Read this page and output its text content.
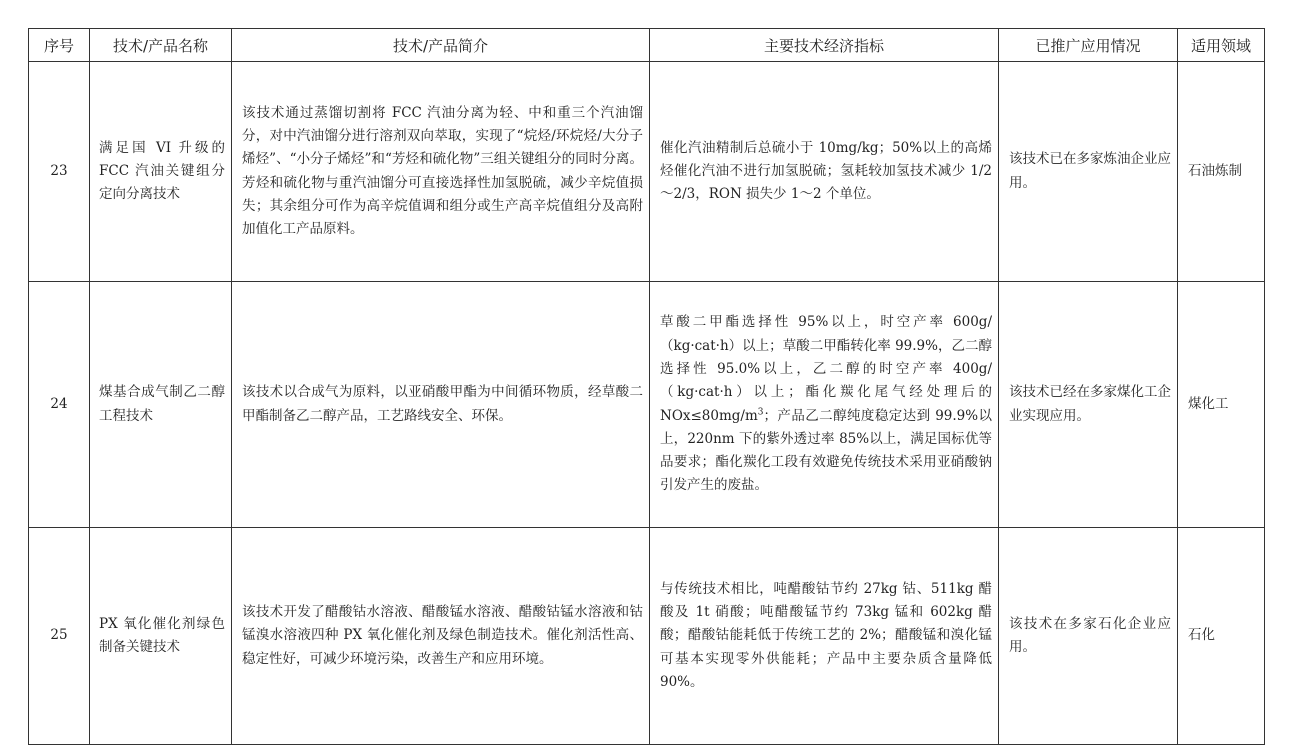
序号	技术/产品名称	技术/产品简介	主要技术经济指标	已推广应用情况	适用领域
23	满足国 VI 升级的 FCC 汽油关键组分定向分离技术	该技术通过蒸馏切割将 FCC 汽油分离为轻、中和重三个汽油馏分，对中汽油馏分进行溶剂双向萃取，实现了“烷烃/环烷烃/大分子烯烃”、“小分子烯烃”和“芳烃和硫化物”三组关键组分的同时分离。芳烃和硫化物与重汽油馏分可直接选择性加氢脱硫，减少辛烷值损失；其余组分可作为高辛烷值调和组分或生产高辛烷值组分及高附加值化工产品原料。	催化汽油精制后总硫小于 10mg/kg；50%以上的高烯烃催化汽油不进行加氢脱硫；氢耗较加氢技术减少 1/2～2/3，RON 损失少 1～2 个单位。	该技术已在多家炼油企业应用。	石油炼制
24	煤基合成气制乙二醇工程技术	该技术以合成气为原料，以亚硝酸甲酯为中间循环物质，经草酸二甲酯制备乙二醇产品，工艺路线安全、环保。	草酸二甲酯选择性 95%以上，时空产率 600g/（kg·cat·h）以上；草酸二甲酯转化率 99.9%，乙二醇选择性 95.0%以上，乙二醇的时空产率 400g/（kg·cat·h）以上；酯化羰化尾气经处理后的 $NOx\le 80mg/m^3$；产品乙二醇纯度稳定达到 99.9%以上，220nm 下的紫外透过率 85%以上，满足国标优等品要求；酯化羰化工段有效避免传统技术采用亚硝酸钠引发产生的废盐。	该技术已经在多家煤化工企业实现应用。	煤化工
25	PX 氧化催化剂绿色制备关键技术	该技术开发了醋酸钴水溶液、醋酸锰水溶液、醋酸钴锰水溶液和钴锰溴水溶液四种 PX 氧化催化剂及绿色制造技术。催化剂活性高、稳定性好，可减少环境污染，改善生产和应用环境。	与传统技术相比，吨醋酸钴节约 27kg 钴、511kg 醋酸及 1t 硝酸；吨醋酸锰节约 73kg 锰和 602kg 醋酸；醋酸钴能耗低于传统工艺的 2%；醋酸锰和溴化锰可基本实现零外供能耗；产品中主要杂质含量降低 90%。	该技术在多家石化企业应用。	石化
